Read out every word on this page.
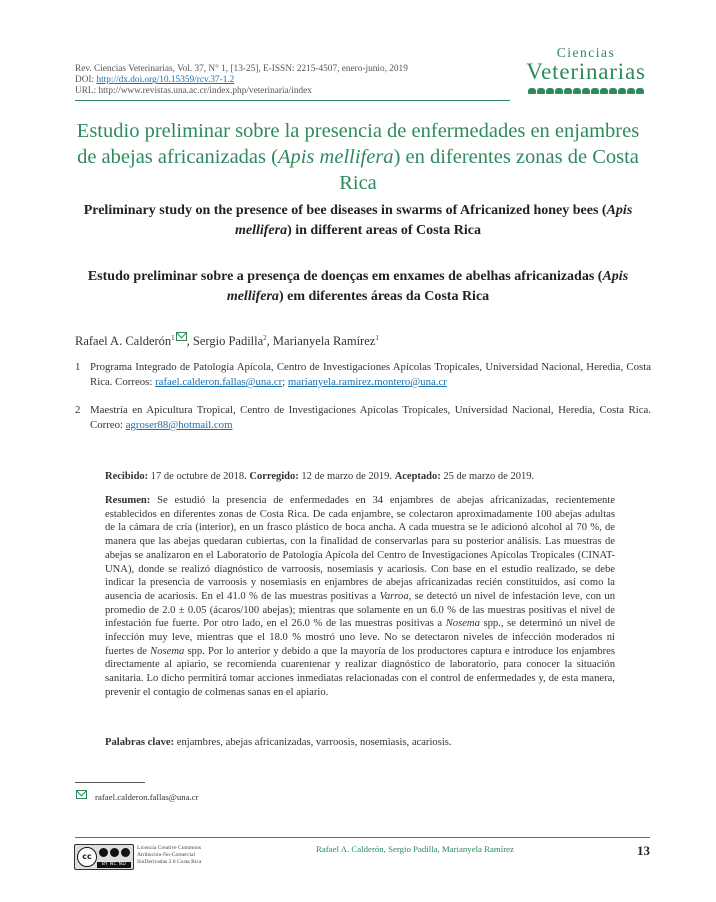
Rev. Ciencias Veterinarias, Vol. 37, N° 1, [13-25], E-ISSN: 2215-4507, enero-junio, 2019
DOI: http://dx.doi.org/10.15359/rcv.37-1.2
URL: http://www.revistas.una.ac.cr/index.php/veterinaria/index
Ciencias
Veterinarias
Estudio preliminar sobre la presencia de enfermedades en enjambres de abejas africanizadas (Apis mellifera) en diferentes zonas de Costa Rica
Preliminary study on the presence of bee diseases in swarms of Africanized honey bees (Apis mellifera) in different areas of Costa Rica
Estudo preliminar sobre a presença de doenças em enxames de abelhas africanizadas (Apis mellifera) em diferentes áreas da Costa Rica
Rafael A. Calderón$^1$ , Sergio Padilla$^2$, Marianyela Ramírez$^1$
1 Programa Integrado de Patología Apícola, Centro de Investigaciones Apícolas Tropicales, Universidad Nacional, Heredia, Costa Rica. Correos: rafael.calderon.fallas@una.cr; marianyela.ramirez.montero@una.cr
2 Maestría en Apicultura Tropical, Centro de Investigaciones Apícolas Tropicales, Universidad Nacional, Heredia, Costa Rica. Correo: agroser88@hotmail.com
Recibido: 17 de octubre de 2018. Corregido: 12 de marzo de 2019. Aceptado: 25 de marzo de 2019.
Resumen: Se estudió la presencia de enfermedades en 34 enjambres de abejas africanizadas, recientemente establecidos en diferentes zonas de Costa Rica. De cada enjambre, se colectaron aproximadamente 100 abejas adultas de la cámara de cría (interior), en un frasco plástico de boca ancha. A cada muestra se le adicionó alcohol al 70 %, de manera que las abejas quedaran cubiertas, con la finalidad de conservarlas para su posterior análisis. Las muestras de abejas se analizaron en el Laboratorio de Patología Apícola del Centro de Investigaciones Apícolas Tropicales (CINAT-UNA), donde se realizó diagnóstico de varroosis, nosemiasis y acariosis. Con base en el estudio realizado, se debe indicar la presencia de varroosis y nosemiasis en enjambres de abejas africanizadas recién constituidos, así como la ausencia de acariosis. En el 41.0 % de las muestras positivas a Varroa, se detectó un nivel de infestación leve, con un promedio de 2.0 ± 0.05 (ácaros/100 abejas); mientras que solamente en un 6.0 % de las muestras positivas el nivel de infestación fue fuerte. Por otro lado, en el 26.0 % de las muestras positivas a Nosema spp., se determinó un nivel de infección muy leve, mientras que el 18.0 % mostró uno leve. No se detectaron niveles de infección moderados ni fuertes de Nosema spp. Por lo anterior y debido a que la mayoría de los productores captura e introduce los enjambres directamente al apiario, se recomienda cuarentenar y realizar diagnóstico de laboratorio, para conocer la situación sanitaria. Lo dicho permitirá tomar acciones inmediatas relacionadas con el control de enfermedades y, de esta manera, prevenir el contagio de colmenas sanas en el apiario.
Palabras clave: enjambres, abejas africanizadas, varroosis, nosemiasis, acariosis.
rafael.calderon.fallas@una.cr
cc
BY NC ND
Licencia Creative Commons
Atribución-No-Comercial
SinDerivadas 3.0 Costa Rica
Rafael A. Calderón, Sergio Padilla, Marianyela Ramírez	13
